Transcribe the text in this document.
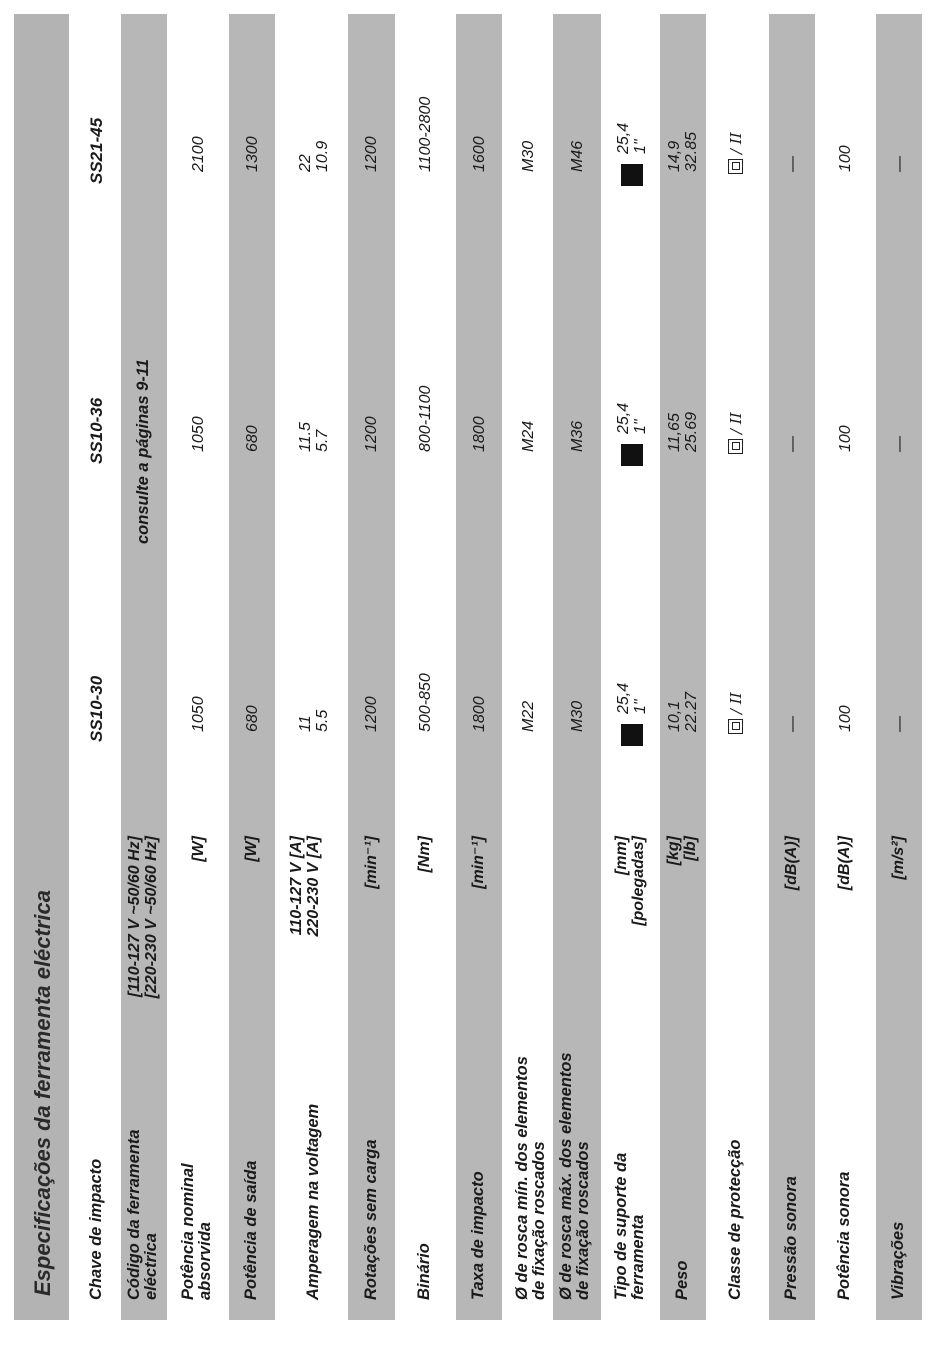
Especificações da ferramenta eléctrica Chave de impacto
SS10-30
SS10-36
SS21-45
Código da ferramenta eléctrica
[110-127 V ~50/60 Hz] [220-230 V ~50/60 Hz]
consulte a páginas 9-11
Potência nominal absorvida
[W]
1050
1050
2100
Potência de saída
[W]
680
680
1300
Amperagem na voltagem
110-127 V [A] 220-230 V [A]
11 5.5
11.5 5.7
22 10.9
Rotações sem carga
[min⁻¹]
1200
1200
1200
Binário
[Nm]
500-850
800-1100
1100-2800
Taxa de impacto
[min⁻¹]
1800
1800
1600
Ø de rosca mín. dos elementos de fixação roscados
M22
M24
M30
Ø de rosca máx. dos elementos de fixação roscados
M30
M36
M46
Tipo de suporte da ferramenta
[mm] [polegadas]
25,4 1"
25,4 1"
25,4 1"
Peso
[kg] [lb]
10,1 22.27
11,65 25.69
14,9 32.85
Classe de protecção
/ II
/ II
/ II
Pressão sonora
[dB(A)]
—
—
—
Potência sonora
[dB(A)]
100
100
100
Vibrações
[m/s²]
—
—
—
